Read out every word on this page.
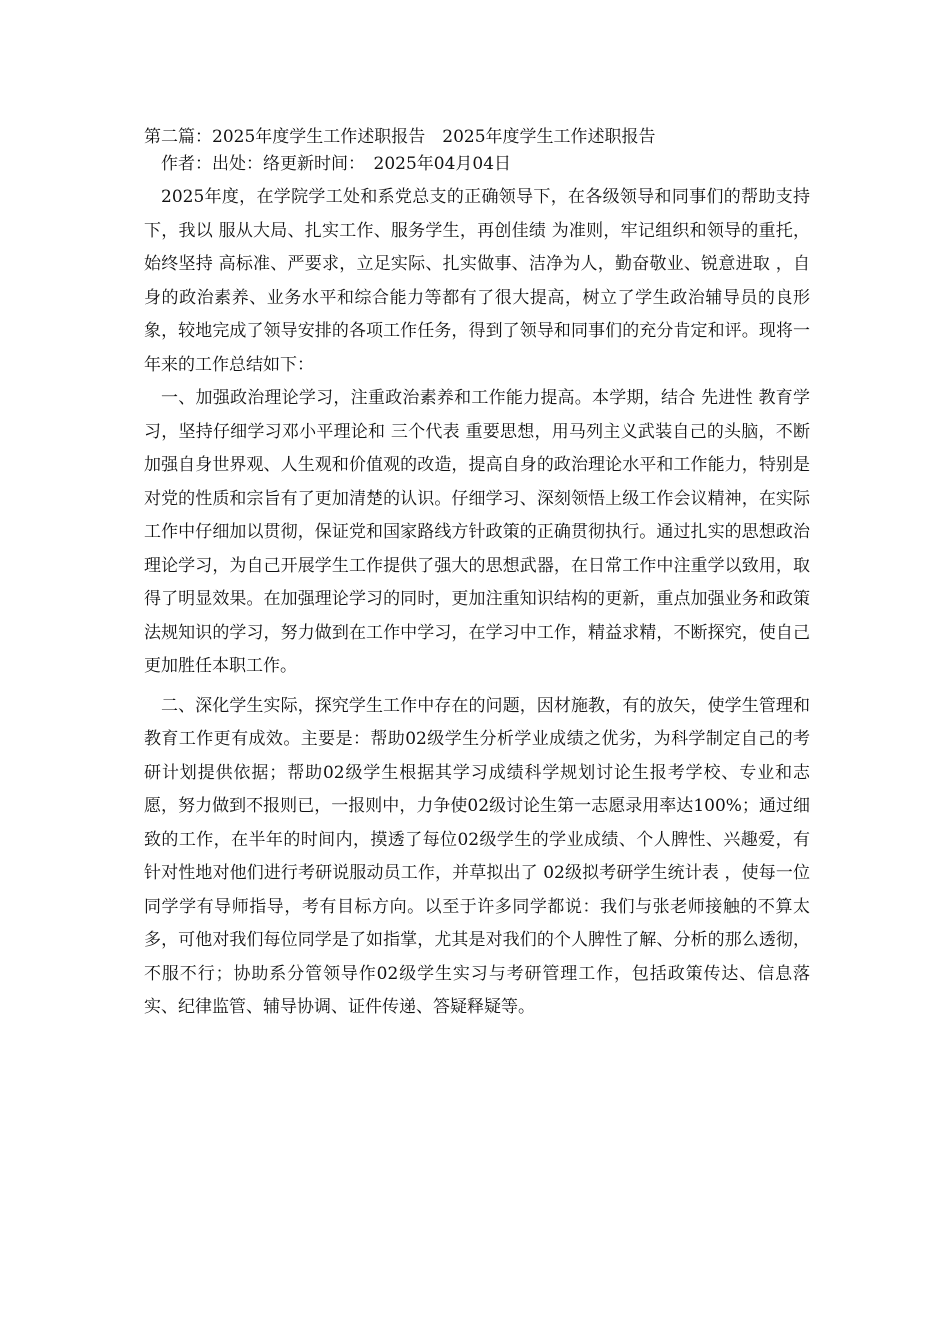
第二篇：2025年度学生工作述职报告　2025年度学生工作述职报告

作者：出处：络更新时间：　2025年04月04日

2025年度，在学院学工处和系党总支的正确领导下，在各级领导和同事们的帮助支持下，我以 服从大局、扎实工作、服务学生，再创佳绩 为准则，牢记组织和领导的重托，始终坚持 高标准、严要求，立足实际、扎实做事、洁净为人，勤奋敬业、锐意进取 ，自身的政治素养、业务水平和综合能力等都有了很大提高，树立了学生政治辅导员的良形象，较地完成了领导安排的各项工作任务，得到了领导和同事们的充分肯定和评。现将一年来的工作总结如下：

一、加强政治理论学习，注重政治素养和工作能力提高。本学期，结合 先进性 教育学习，坚持仔细学习邓小平理论和 三个代表 重要思想，用马列主义武装自己的头脑，不断加强自身世界观、人生观和价值观的改造，提高自身的政治理论水平和工作能力，特别是对党的性质和宗旨有了更加清楚的认识。仔细学习、深刻领悟上级工作会议精神，在实际工作中仔细加以贯彻，保证党和国家路线方针政策的正确贯彻执行。通过扎实的思想政治理论学习，为自己开展学生工作提供了强大的思想武器，在日常工作中注重学以致用，取得了明显效果。在加强理论学习的同时，更加注重知识结构的更新，重点加强业务和政策法规知识的学习，努力做到在工作中学习，在学习中工作，精益求精，不断探究，使自己更加胜任本职工作。

二、深化学生实际，探究学生工作中存在的问题，因材施教，有的放矢，使学生管理和教育工作更有成效。主要是：帮助02级学生分析学业成绩之优劣，为科学制定自己的考研计划提供依据；帮助02级学生根据其学习成绩科学规划讨论生报考学校、专业和志愿，努力做到不报则已，一报则中，力争使02级讨论生第一志愿录用率达100%；通过细致的工作，在半年的时间内，摸透了每位02级学生的学业成绩、个人脾性、兴趣爱，有针对性地对他们进行考研说服动员工作，并草拟出了 02级拟考研学生统计表 ，使每一位同学学有导师指导，考有目标方向。以至于许多同学都说：我们与张老师接触的不算太多，可他对我们每位同学是了如指掌，尤其是对我们的个人脾性了解、分析的那么透彻，不服不行；协助系分管领导作02级学生实习与考研管理工作，包括政策传达、信息落实、纪律监管、辅导协调、证件传递、答疑释疑等。
